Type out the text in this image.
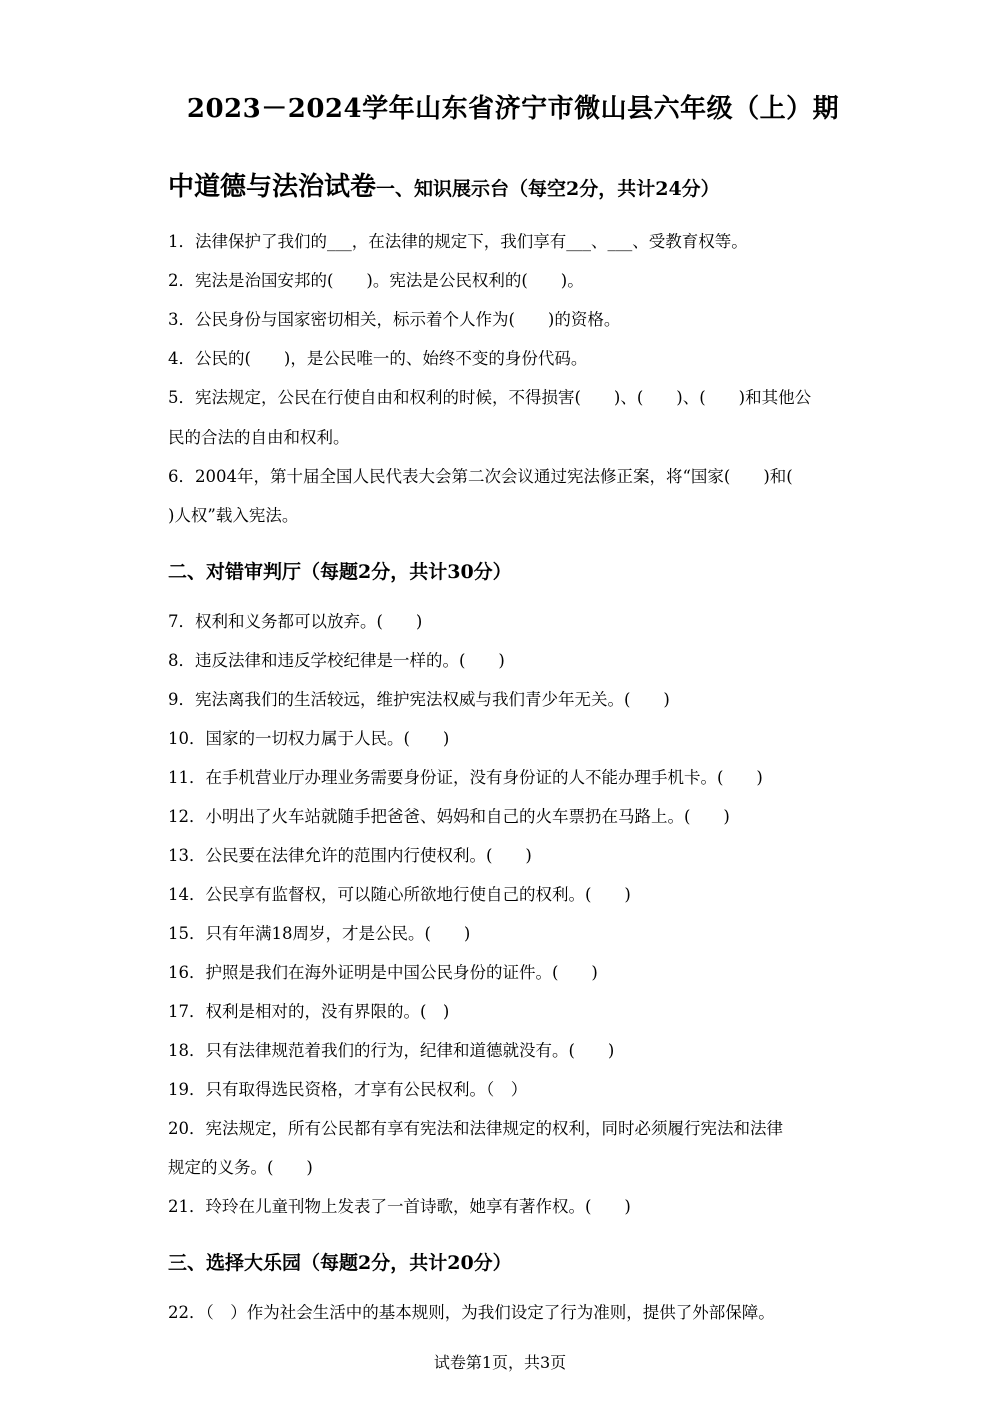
2023－2024学年山东省济宁市微山县六年级（上）期
中道德与法治试卷一、知识展示台（每空2分，共计24分）
1．法律保护了我们的___，在法律的规定下，我们享有___、___、受教育权等。
2．宪法是治国安邦的(　　)。宪法是公民权利的(　　)。
3．公民身份与国家密切相关，标示着个人作为(　　)的资格。
4．公民的(　　)，是公民唯一的、始终不变的身份代码。
5．宪法规定，公民在行使自由和权利的时候，不得损害(　　)、(　　)、(　　)和其他公
民的合法的自由和权利。
6．2004年，第十届全国人民代表大会第二次会议通过宪法修正案，将“国家(　　)和(
)人权”载入宪法。
二、对错审判厅（每题2分，共计30分）
7．权利和义务都可以放弃。(　　)
8．违反法律和违反学校纪律是一样的。(　　)
9．宪法离我们的生活较远，维护宪法权威与我们青少年无关。(　　)
10．国家的一切权力属于人民。(　　)
11．在手机营业厅办理业务需要身份证，没有身份证的人不能办理手机卡。(　　)
12．小明出了火车站就随手把爸爸、妈妈和自己的火车票扔在马路上。(　　)
13．公民要在法律允许的范围内行使权利。(　　)
14．公民享有监督权，可以随心所欲地行使自己的权利。(　　)
15．只有年满18周岁，才是公民。(　　)
16．护照是我们在海外证明是中国公民身份的证件。(　　)
17．权利是相对的，没有界限的。(　)
18．只有法律规范着我们的行为，纪律和道德就没有。(　　)
19．只有取得选民资格，才享有公民权利。（　）
20．宪法规定，所有公民都有享有宪法和法律规定的权利，同时必须履行宪法和法律
规定的义务。(　　)
21．玲玲在儿童刊物上发表了一首诗歌，她享有著作权。(　　)
三、选择大乐园（每题2分，共计20分）
22．（　）作为社会生活中的基本规则，为我们设定了行为准则，提供了外部保障。
试卷第1页，共3页
